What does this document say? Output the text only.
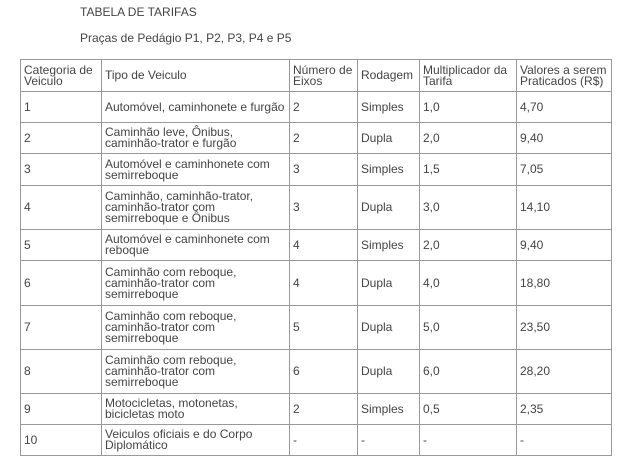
TABELA DE TARIFAS
Praças de Pedágio P1, P2, P3, P4 e P5
Categoria de Veiculo	Tipo de Veiculo	Número de Eixos	Rodagem	Multiplicador da Tarifa	Valores a serem Praticados (R$)
1	Automóvel, caminhonete e furgão	2	Simples	1,0	4,70
2	Caminhão leve, Ônibus, caminhão-trator e furgão	2	Dupla	2,0	9,40
3	Automóvel e caminhonete com semirreboque	3	Simples	1,5	7,05
4	Caminhão, caminhão-trator, caminhão-trator com semirreboque e Ônibus	3	Dupla	3,0	14,10
5	Automóvel e caminhonete com reboque	4	Simples	2,0	9,40
6	Caminhão com reboque, caminhão-trator com semirreboque	4	Dupla	4,0	18,80
7	Caminhão com reboque, caminhão-trator com semirreboque	5	Dupla	5,0	23,50
8	Caminhão com reboque, caminhão-trator com semirreboque	6	Dupla	6,0	28,20
9	Motocicletas, motonetas, bicicletas moto	2	Simples	0,5	2,35
10	Veiculos oficiais e do Corpo Diplomático	-	-	-	-
